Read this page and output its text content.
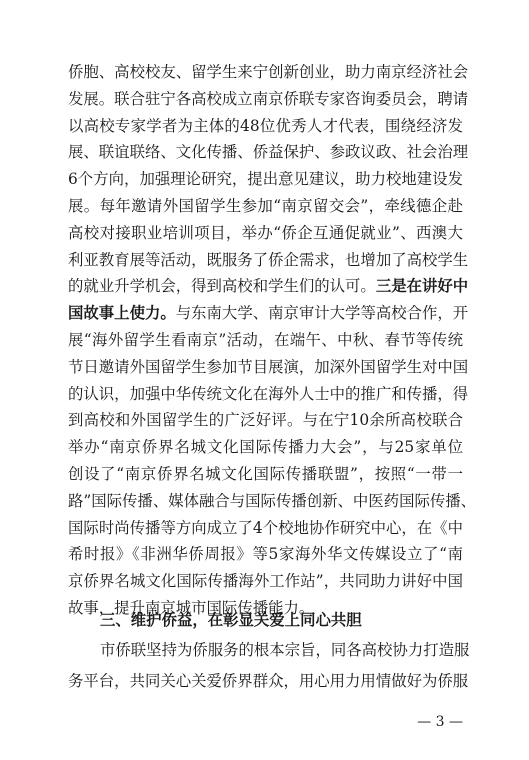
侨胞、高校校友、留学生来宁创新创业，助力南京经济社会
发展。联合驻宁各高校成立南京侨联专家咨询委员会，聘请
以高校专家学者为主体的48位优秀人才代表，围绕经济发
展、联谊联络、文化传播、侨益保护、参政议政、社会治理
6个方向，加强理论研究，提出意见建议，助力校地建设发
展。每年邀请外国留学生参加“南京留交会”，牵线德企赴
高校对接职业培训项目，举办“侨企互通促就业”、西澳大
利亚教育展等活动，既服务了侨企需求，也增加了高校学生
的就业升学机会，得到高校和学生们的认可。三是在讲好中
国故事上使力。与东南大学、南京审计大学等高校合作，开
展“海外留学生看南京”活动，在端午、中秋、春节等传统
节日邀请外国留学生参加节目展演，加深外国留学生对中国
的认识，加强中华传统文化在海外人士中的推广和传播，得
到高校和外国留学生的广泛好评。与在宁10余所高校联合
举办“南京侨界名城文化国际传播力大会”，与25家单位
创设了“南京侨界名城文化国际传播联盟”，按照“一带一
路”国际传播、媒体融合与国际传播创新、中医药国际传播、
国际时尚传播等方向成立了4个校地协作研究中心，在《中
希时报》《非洲华侨周报》等5家海外华文传媒设立了“南
京侨界名城文化国际传播海外工作站”，共同助力讲好中国
故事，提升南京城市国际传播能力。
三、维护侨益，在彰显关爱上同心共胆
市侨联坚持为侨服务的根本宗旨，同各高校协力打造服
务平台，共同关心关爱侨界群众，用心用力用情做好为侨服
— 3 —
